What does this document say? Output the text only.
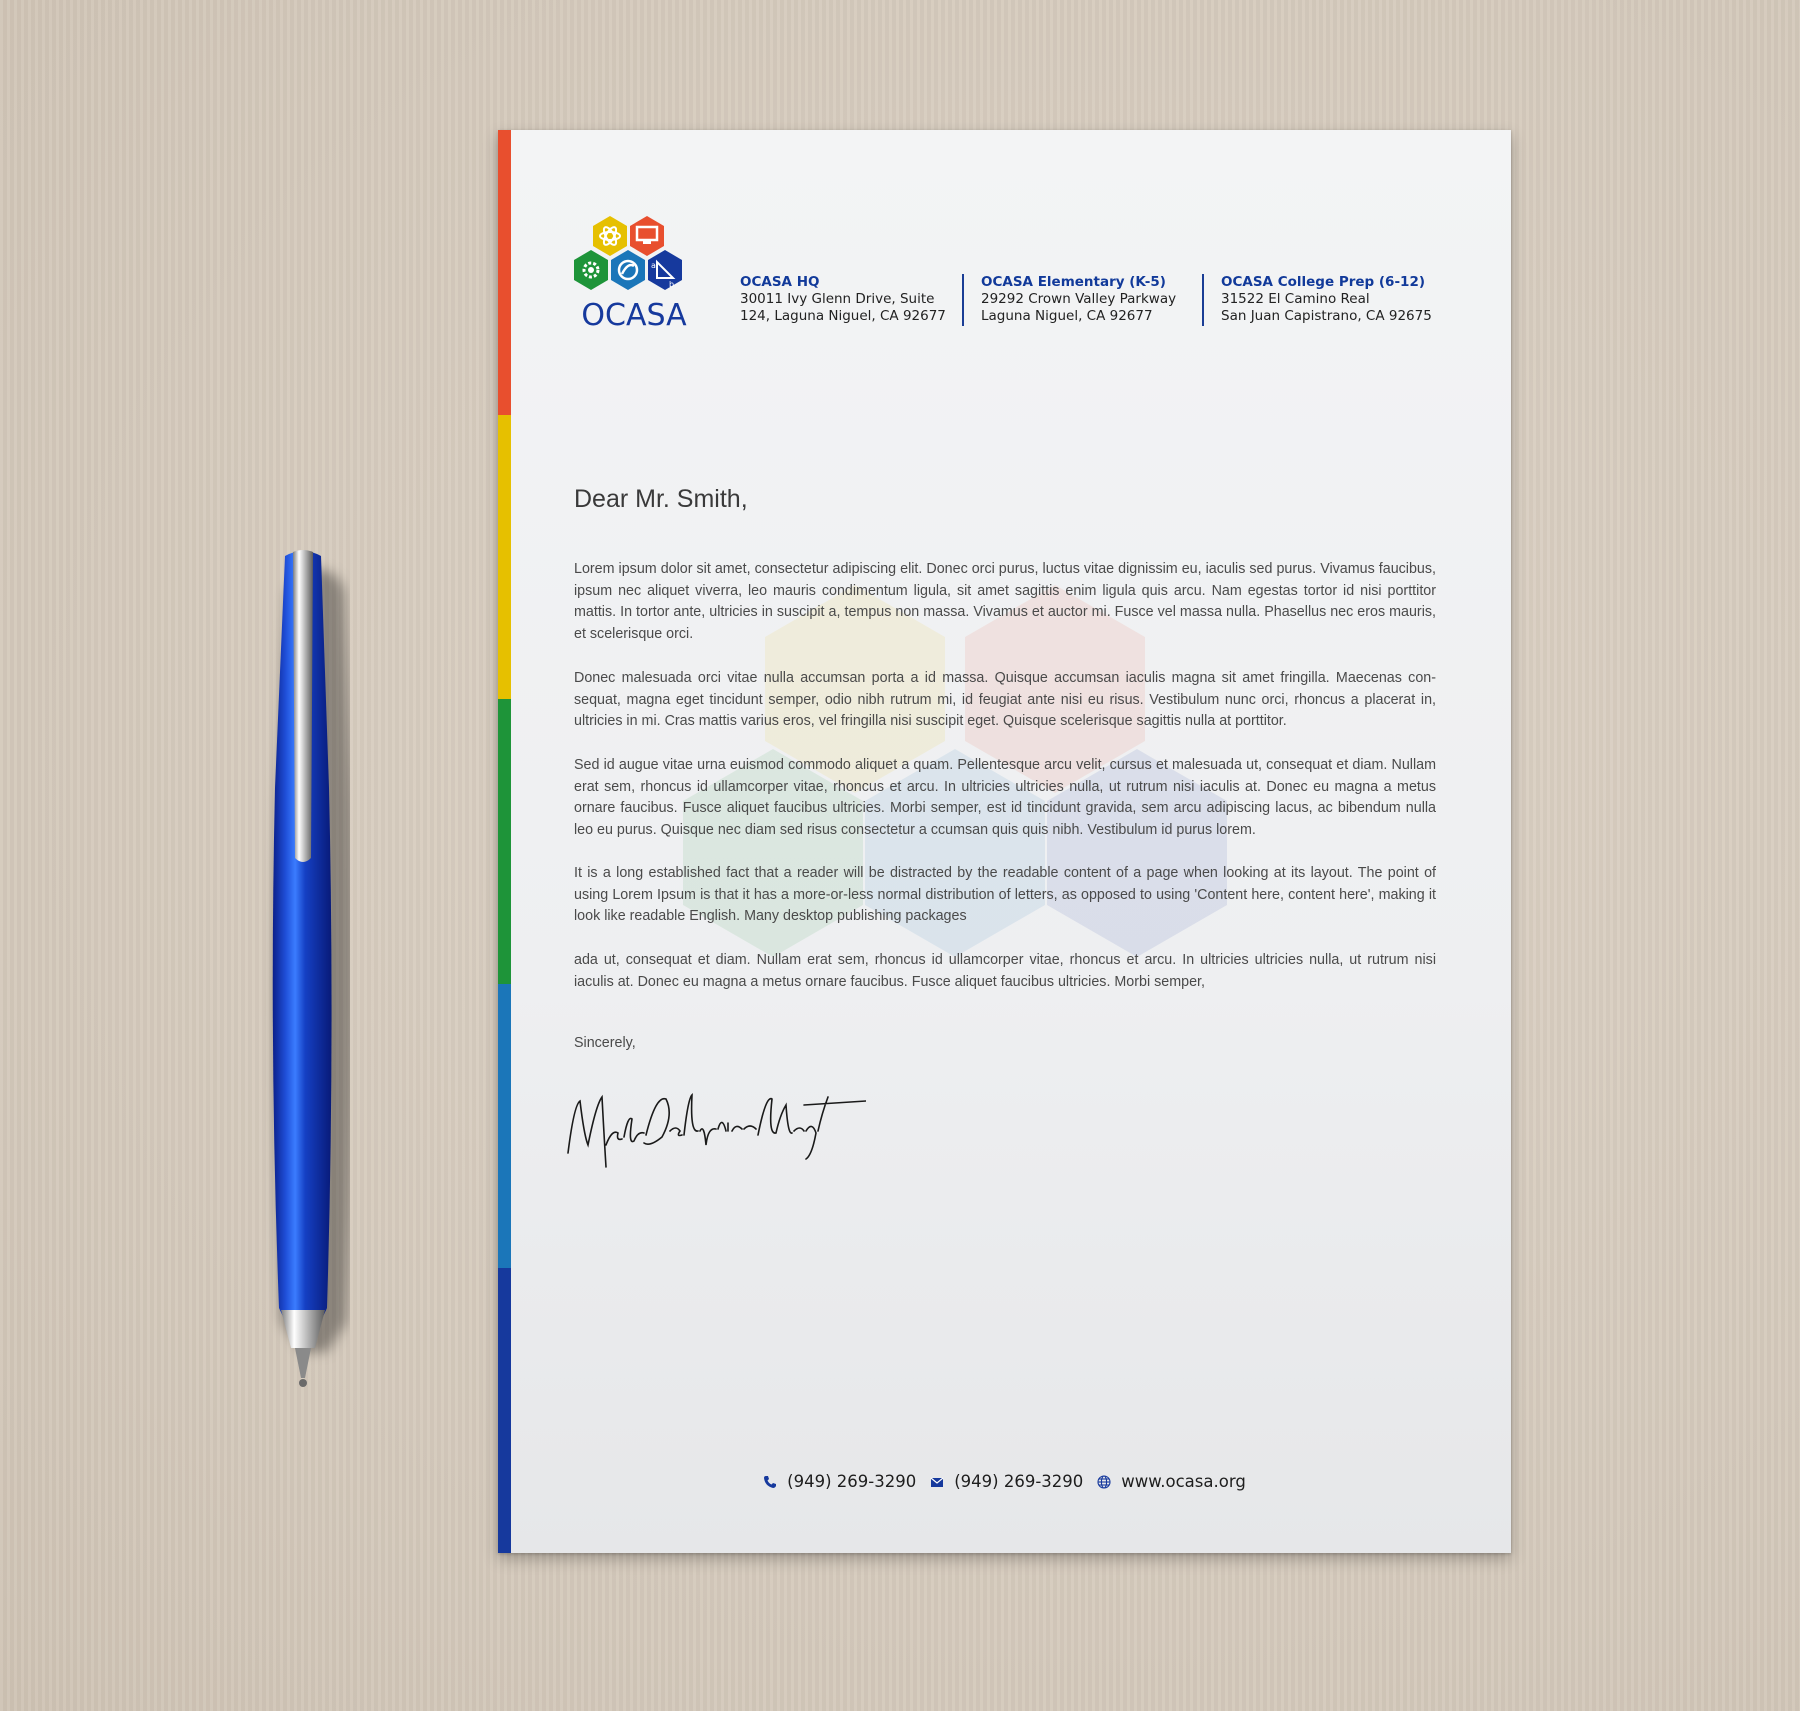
a
b
OCASA
OCASA HQ
30011 Ivy Glenn Drive, Suite
124, Laguna Niguel, CA 92677
OCASA Elementary (K-5)
29292 Crown Valley Parkway
Laguna Niguel, CA 92677
OCASA College Prep (6-12)
31522 El Camino Real
San Juan Capistrano, CA 92675
Dear Mr. Smith,
Lorem ipsum dolor sit amet, consectetur adipiscing elit. Donec orci purus, luctus vitae dignissim eu, iaculis sed purus. Vivamus faucibus, ipsum nec aliquet viverra, leo mauris condimentum ligula, sit amet sagittis enim ligula quis arcu. Nam egestas tortor id nisi porttitor mattis. In tortor ante, ultricies in suscipit a, tempus non massa. Vivamus et auctor mi. Fusce vel massa nulla. Phasellus nec eros mauris, et scelerisque orci.
Donec malesuada orci vitae nulla accumsan porta a id massa. Quisque accumsan iaculis magna sit amet fringilla. Maecenas con-sequat, magna eget tincidunt semper, odio nibh rutrum mi, id feugiat ante nisi eu risus. Vestibulum nunc orci, rhoncus a placerat in, ultricies in mi. Cras mattis varius eros, vel fringilla nisi suscipit eget. Quisque scelerisque sagittis nulla at porttitor.
Sed id augue vitae urna euismod commodo aliquet a quam. Pellentesque arcu velit, cursus et malesuada ut, consequat et diam. Nullam erat sem, rhoncus id ullamcorper vitae, rhoncus et arcu. In ultricies ultricies nulla, ut rutrum nisi iaculis at. Donec eu magna a metus ornare faucibus. Fusce aliquet faucibus ultricies. Morbi semper, est id tincidunt gravida, sem arcu adipiscing lacus, ac bibendum nulla leo eu purus. Quisque nec diam sed risus consectetur a ccumsan quis quis nibh. Vestibulum id purus lorem.
It is a long established fact that a reader will be distracted by the readable content of a page when looking at its layout. The point of using Lorem Ipsum is that it has a more-or-less normal distribution of letters, as opposed to using 'Content here, content here', making it look like readable English. Many desktop publishing packages
ada ut, consequat et diam. Nullam erat sem, rhoncus id ullamcorper vitae, rhoncus et arcu. In ultricies ultricies nulla, ut rutrum nisi iaculis at. Donec eu magna a metus ornare faucibus. Fusce aliquet faucibus ultricies. Morbi semper,
Sincerely,
(949) 269-3290 (949) 269-3290 www.ocasa.org
